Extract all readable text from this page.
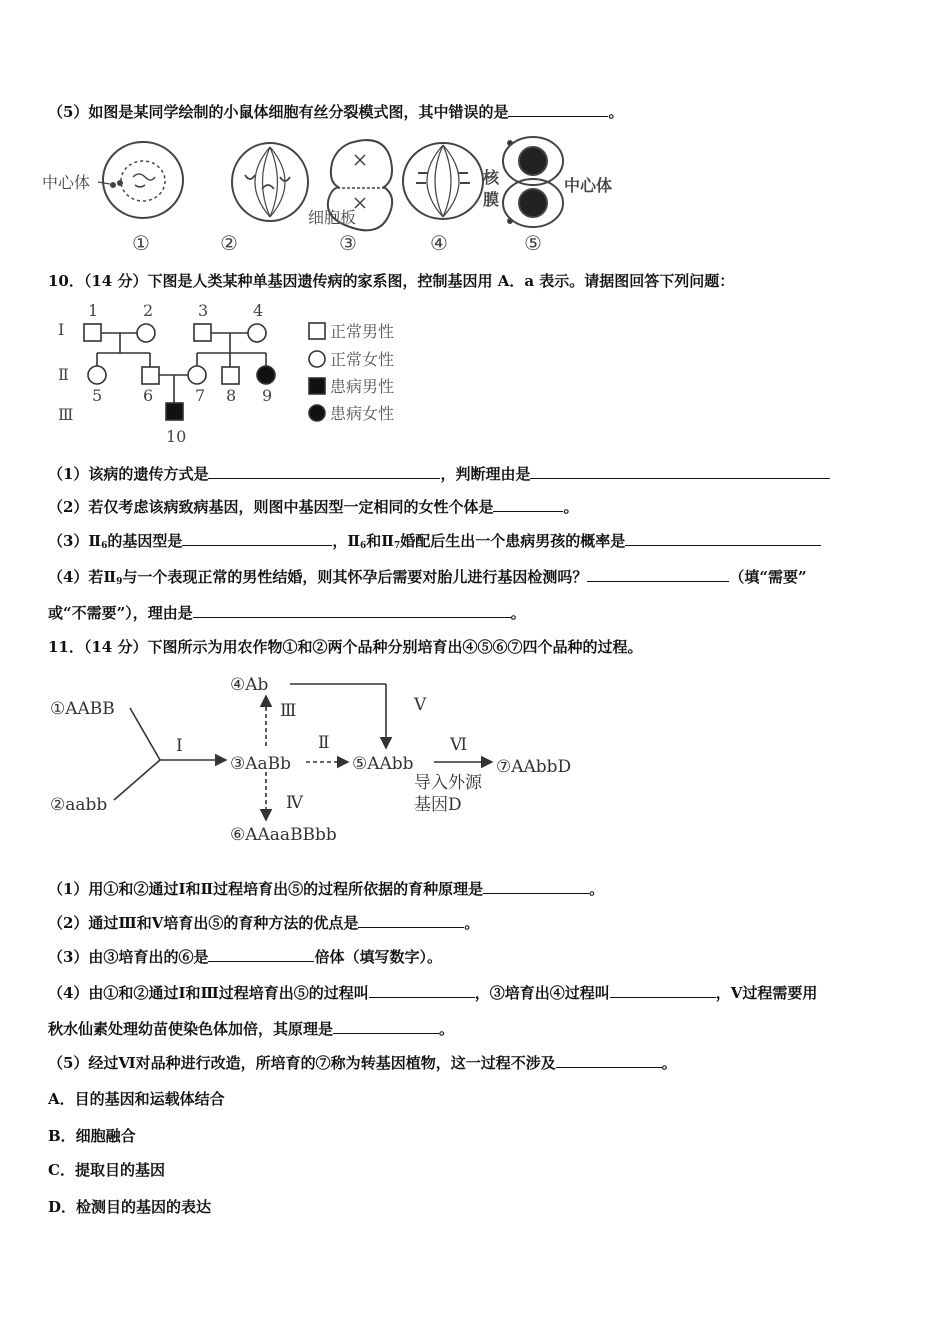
（5）如图是某同学绘制的小鼠体细胞有丝分裂模式图，其中错误的是	。
中心体
细胞板
核
膜
中心体
①	②	③	④	⑤
10．（14 分）下图是人类某种单基因遗传病的家系图，控制基因用 A．a 表示。请据图回答下列问题：
Ⅰ
Ⅱ
Ⅲ
1	2	3	4
5	6	7 8 9
10
正常男性
正常女性
患病男性
患病女性
（1）该病的遗传方式是	，判断理由是
（2）若仅考虑该病致病基因，则图中基因型一定相同的女性个体是	。
$(3)Ⅱ_6$的基因型是	，$Ⅱ_6$和$Ⅱ_7$婚配后生出一个患病男孩的概率是
（4）若$Ⅱ_9$与一个表现正常的男性结婚，则其怀孕后需要对胎儿进行基因检测吗？	（填“需要”
或“不需要”），理由是	。
11．（14 分）下图所示为用农作物①和②两个品种分别培育出④⑤⑥⑦四个品种的过程。
①AABB
②aabb
③AaBb
④Ab
⑤AAbb
⑥AAaaBBbb
⑦AAbbD
Ⅰ	Ⅱ
Ⅲ
Ⅳ
Ⅴ
Ⅵ
导入外源
基因D
（1）用①和②通过Ⅰ和Ⅱ过程培育出⑤的过程所依据的育种原理是	。
（2）通过Ⅲ和Ⅴ培育出⑤的育种方法的优点是	。
（3）由③培育出的⑥是	倍体（填写数字）。
（4）由①和②通过Ⅰ和Ⅲ过程培育出⑤的过程叫	，③培育出④过程叫	，Ⅴ过程需要用
秋水仙素处理幼苗使染色体加倍，其原理是	。
（5）经过Ⅵ对品种进行改造，所培育的⑦称为转基因植物，这一过程不涉及	。
A．目的基因和运载体结合
B．细胞融合
C．提取目的基因
D．检测目的基因的表达
